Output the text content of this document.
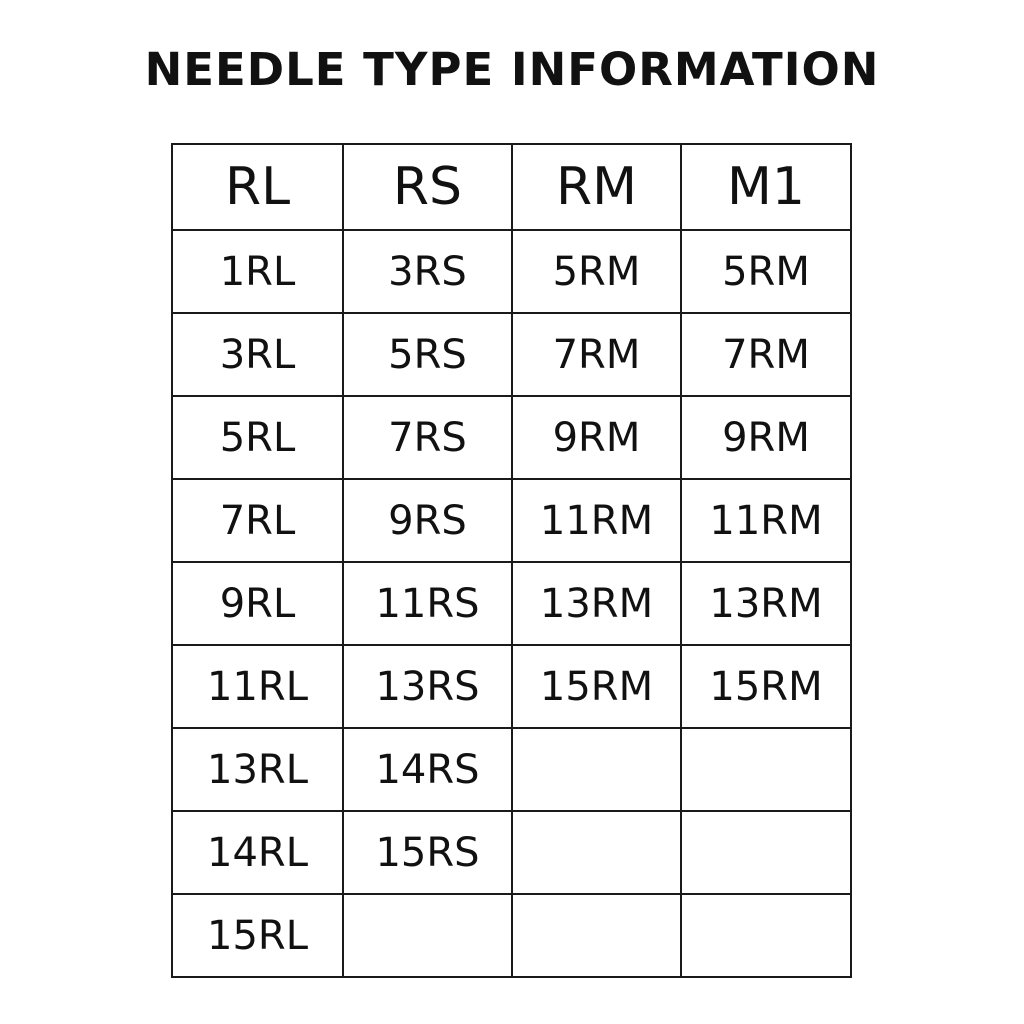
NEEDLE TYPE INFORMATION
RL	RS	RM	M1
1RL	3RS	5RM	5RM
3RL	5RS	7RM	7RM
5RL	7RS	9RM	9RM
7RL	9RS	11RM	11RM
9RL	11RS	13RM	13RM
11RL	13RS	15RM	15RM
13RL	14RS		
14RL	15RS		
15RL			
